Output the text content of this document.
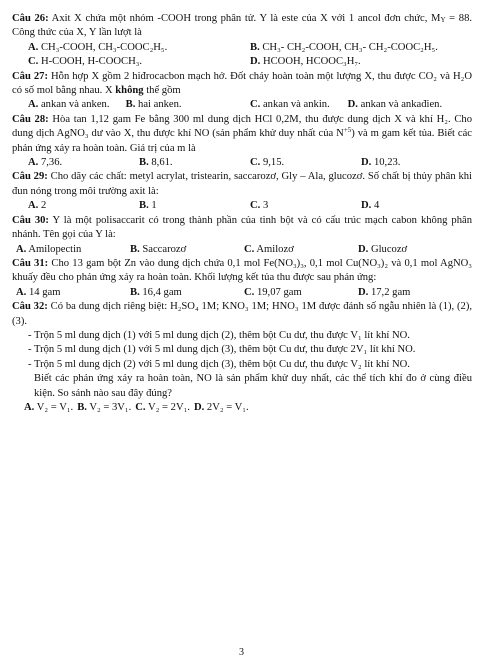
Câu 26: Axit X chứa một nhóm -COOH trong phân tử. Y là este của X với 1 ancol đơn chức, MY = 88. Công thức của X, Y lần lượt là

A. CH₃-COOH, CH₃-COOC₂H₅.	B. CH₃- CH₂-COOH, CH₃- CH₂-COOC₂H₅.
C. H-COOH, H-COOCH₃.	D. HCOOH, HCOOC₃H₇.

Câu 27: Hỗn hợp X gồm 2 hiđrocacbon mạch hở. Đốt cháy hoàn toàn một lượng X, thu được CO₂ và H₂O có số mol bằng nhau. X không thể gồm

A. ankan và anken.	B. hai anken.	C. ankan và ankin.	D. ankan và ankađien.

Câu 28: Hòa tan 1,12 gam Fe bằng 300 ml dung dịch HCl 0,2M, thu được dung dịch X và khí H₂. Cho dung dịch AgNO₃ dư vào X, thu được khí NO (sản phẩm khử duy nhất của $N^{+5}$) và m gam kết tủa. Biết các phản ứng xảy ra hoàn toàn. Giá trị của m là

A. 7,36.	B. 8,61.	C. 9,15.	D. 10,23.

Câu 29: Cho dãy các chất: metyl acrylat, tristearin, saccarozơ, Gly – Ala, glucozơ. Số chất bị thủy phân khi đun nóng trong môi trường axit là:

A. 2	B. 1	C. 3	D. 4

Câu 30: Y là một polisaccarit có trong thành phần của tinh bột và có cấu trúc mạch cabon không phân nhánh. Tên gọi của Y là:

A. Amilopectin	B. Saccarozơ	C. Amilozơ	D. Glucozơ

Câu 31: Cho 13 gam bột Zn vào dung dịch chứa 0,1 mol Fe(NO₃)₃, 0,1 mol Cu(NO₃)₂ và 0,1 mol AgNO₃ khuấy đều cho phản ứng xảy ra hoàn toàn. Khối lượng kết tủa thu được sau phản ứng:

A. 14 gam	B. 16,4 gam	C. 19,07 gam	D. 17,2 gam

Câu 32: Có ba dung dịch riêng biệt: H₂SO₄ 1M; KNO₃ 1M; HNO₃ 1M được đánh số ngẫu nhiên là (1), (2), (3).

- Trộn 5 ml dung dịch (1) với 5 ml dung dịch (2), thêm bột Cu dư, thu được V₁ lít khí NO.

- Trộn 5 ml dung dịch (1) với 5 ml dung dịch (3), thêm bột Cu dư, thu được 2V₁ lít khí NO.

- Trộn 5 ml dung dịch (2) với 5 ml dung dịch (3), thêm bột Cu dư, thu được V₂ lít khí NO.

Biết các phản ứng xảy ra hoàn toàn, NO là sản phẩm khử duy nhất, các thể tích khí đo ở cùng điều kiện. So sánh nào sau đây đúng?

A. V₂ = V₁. B. V₂ = 3V₁. C. V₂ = 2V₁. D. 2V₂ = V₁.
3
